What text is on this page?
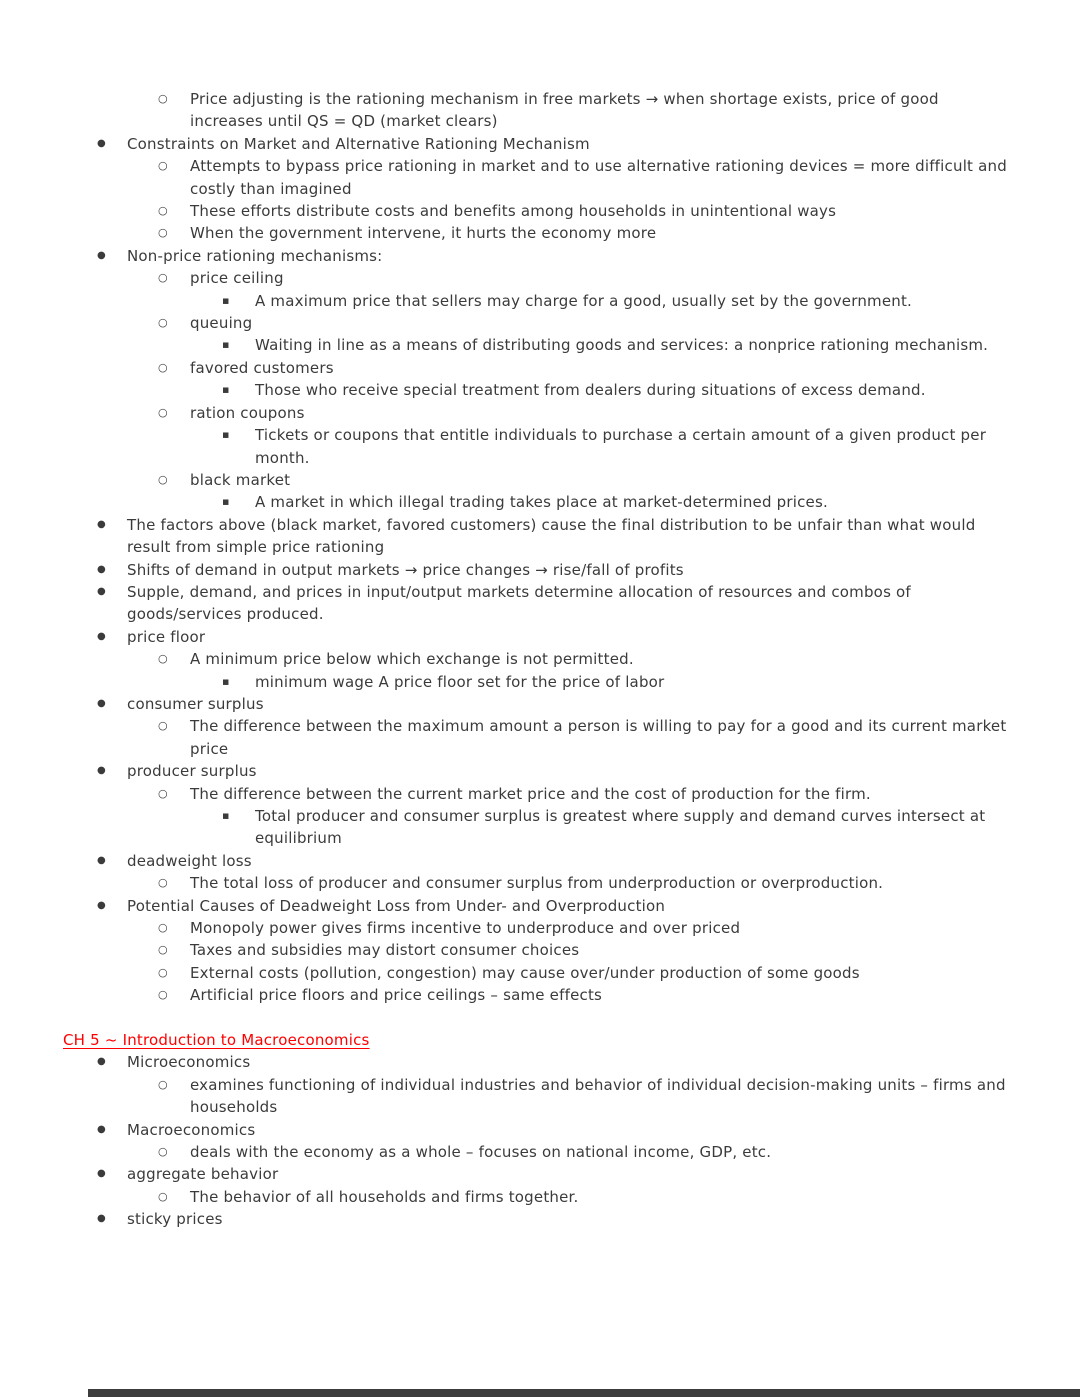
○	Price adjusting is the rationing mechanism in free markets → when shortage exists, price of good increases until QS = QD (market clears)
●	Constraints on Market and Alternative Rationing Mechanism
○	Attempts to bypass price rationing in market and to use alternative rationing devices = more difficult and costly than imagined
○	These efforts distribute costs and benefits among households in unintentional ways
○	When the government intervene, it hurts the economy more
●	Non-price rationing mechanisms:
○	price ceiling
▪	A maximum price that sellers may charge for a good, usually set by the government.
○	queuing
▪	Waiting in line as a means of distributing goods and services: a nonprice rationing mechanism.
○	favored customers
▪	Those who receive special treatment from dealers during situations of excess demand.
○	ration coupons
▪	Tickets or coupons that entitle individuals to purchase a certain amount of a given product per month.
○	black market
▪	A market in which illegal trading takes place at market-determined prices.
●	The factors above (black market, favored customers) cause the final distribution to be unfair than what would result from simple price rationing
●	Shifts of demand in output markets → price changes → rise/fall of profits
●	Supple, demand, and prices in input/output markets determine allocation of resources and combos of goods/services produced.
●	price floor
○	A minimum price below which exchange is not permitted.
▪	minimum wage A price floor set for the price of labor
●	consumer surplus
○	The difference between the maximum amount a person is willing to pay for a good and its current market price
●	producer surplus
○	The difference between the current market price and the cost of production for the firm.
▪	Total producer and consumer surplus is greatest where supply and demand curves intersect at equilibrium
●	deadweight loss
○	The total loss of producer and consumer surplus from underproduction or overproduction.
●	Potential Causes of Deadweight Loss from Under- and Overproduction
○	Monopoly power gives firms incentive to underproduce and over priced
○	Taxes and subsidies may distort consumer choices
○	External costs (pollution, congestion) may cause over/under production of some goods
○	Artificial price floors and price ceilings – same effects
CH 5 ~ Introduction to Macroeconomics
●	Microeconomics
○	examines functioning of individual industries and behavior of individual decision-making units – firms and households
●	Macroeconomics
○	deals with the economy as a whole – focuses on national income, GDP, etc.
●	aggregate behavior
○	The behavior of all households and firms together.
●	sticky prices
